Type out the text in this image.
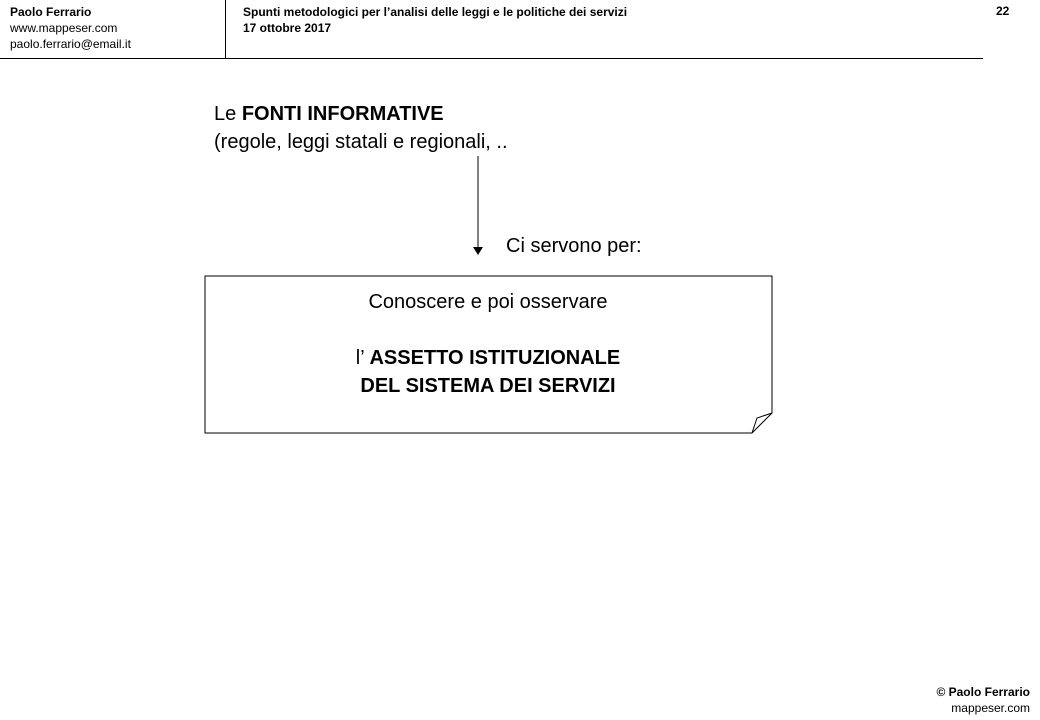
Paolo Ferrario
www.mappeser.com
paolo.ferrario@email.it
Spunti metodologici per l’analisi delle leggi e le politiche dei servizi
17 ottobre 2017
22
Le FONTI INFORMATIVE
(regole, leggi statali e regionali, ..
Ci servono per:
Conoscere e poi osservare
l’ ASSETTO ISTITUZIONALE
DEL SISTEMA DEI SERVIZI
© Paolo Ferrario
mappeser.com
